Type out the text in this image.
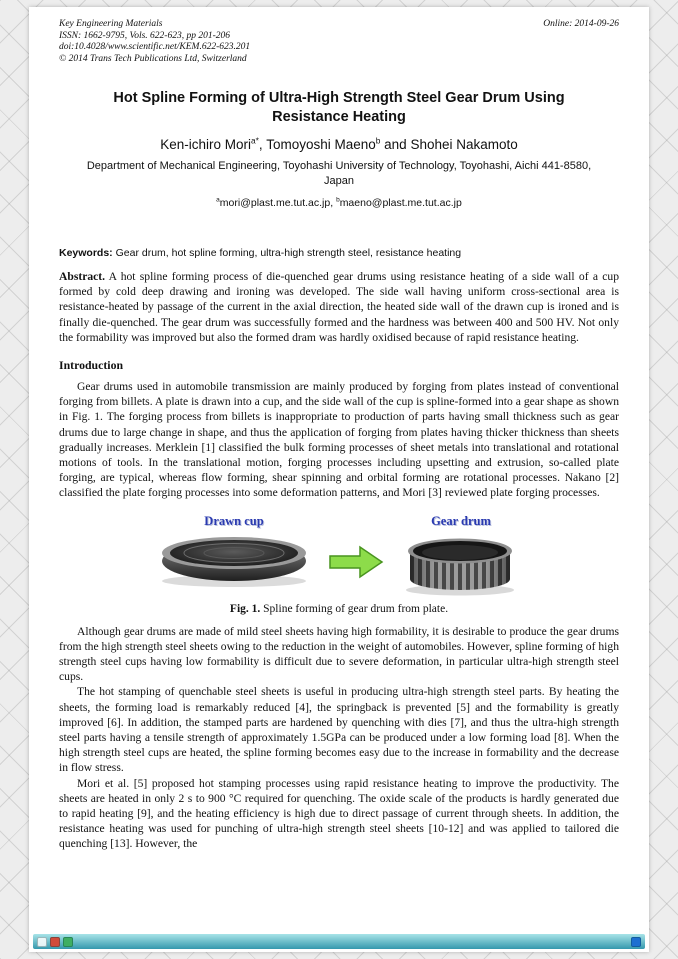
Key Engineering Materials
ISSN: 1662-9795, Vols. 622-623, pp 201-206
doi:10.4028/www.scientific.net/KEM.622-623.201
© 2014 Trans Tech Publications Ltd, Switzerland
Online: 2014-09-26
Hot Spline Forming of Ultra-High Strength Steel Gear Drum Using Resistance Heating
Ken-ichiro Mori$^{a*}$, Tomoyoshi Maeno$^b$ and Shohei Nakamoto
Department of Mechanical Engineering, Toyohashi University of Technology, Toyohashi, Aichi 441-8580, Japan
$^a$mori@plast.me.tut.ac.jp, $^b$maeno@plast.me.tut.ac.jp
Keywords: Gear drum, hot spline forming, ultra-high strength steel, resistance heating

Abstract. A hot spline forming process of die-quenched gear drums using resistance heating of a side wall of a cup formed by cold deep drawing and ironing was developed. The side wall having uniform cross-sectional area is resistance-heated by passage of the current in the axial direction, the heated side wall of the drawn cup is ironed and is finally die-quenched. The gear drum was successfully formed and the hardness was between 400 and 500 HV. Not only the formability was improved but also the formed dram was hardly oxidised because of rapid resistance heating.

Introduction

Gear drums used in automobile transmission are mainly produced by forging from plates instead of conventional forging from billets. A plate is drawn into a cup, and the side wall of the cup is spline-formed into a gear shape as shown in Fig. 1. The forging process from billets is inappropriate to production of parts having small thickness such as gear drums due to large change in shape, and thus the application of forging from plates having thicker thickness than sheets gradually increases. Merklein [1] classified the bulk forming processes of sheet metals into translational and rotational motions of tools. In the translational motion, forging processes including upsetting and extrusion, so-called plate forging, are typical, whereas flow forming, shear spinning and orbital forming are rotational processes. Nakano [2] classified the plate forging processes into some deformation patterns, and Mori [3] reviewed plate forging processes.

Drawn cup	Gear drum
Fig. 1. Spline forming of gear drum from plate.

Although gear drums are made of mild steel sheets having high formability, it is desirable to produce the gear drums from the high strength steel sheets owing to the reduction in the weight of automobiles. However, spline forming of high strength steel cups having low formability is difficult due to severe deformation, in particular ultra-high strength steel cups.

The hot stamping of quenchable steel sheets is useful in producing ultra-high strength steel parts. By heating the sheets, the forming load is remarkably reduced [4], the springback is prevented [5] and the formability is greatly improved [6]. In addition, the stamped parts are hardened by quenching with dies [7], and thus the ultra-high strength steel parts having a tensile strength of approximately 1.5GPa can be produced under a low forming load [8]. When the high strength steel cups are heated, the spline forming becomes easy due to the increase in formability and the decrease in flow stress.

Mori et al. [5] proposed hot stamping processes using rapid resistance heating to improve the productivity. The sheets are heated in only 2 s to 900 °C required for quenching. The oxide scale of the products is hardly generated due to rapid heating [9], and the heating efficiency is high due to direct passage of current through sheets. In addition, the resistance heating was used for punching of ultra-high strength steel sheets [10-12] and was applied to tailored die quenching [13]. However, the
